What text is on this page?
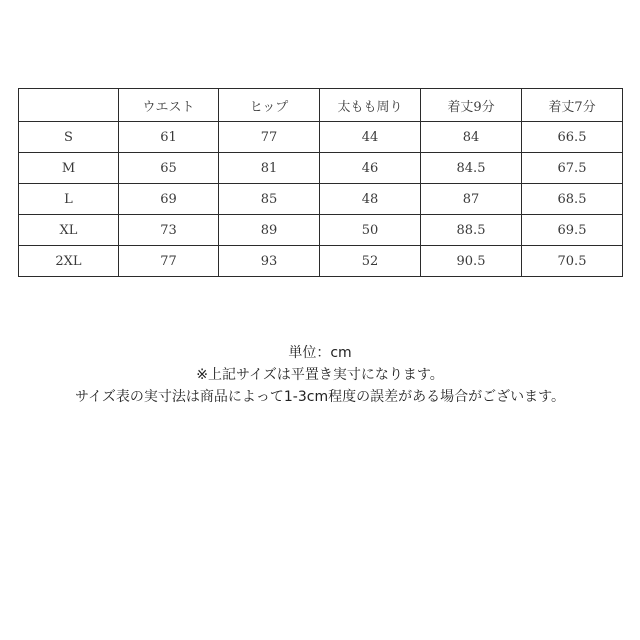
	ウエスト	ヒップ	太もも周り	着丈9分	着丈7分
S	61	77	44	84	66.5
M	65	81	46	84.5	67.5
L	69	85	48	87	68.5
XL	73	89	50	88.5	69.5
2XL	77	93	52	90.5	70.5
単位：cm
※上記サイズは平置き実寸になります。
サイズ表の実寸法は商品によって1-3cm程度の誤差がある場合がございます。
